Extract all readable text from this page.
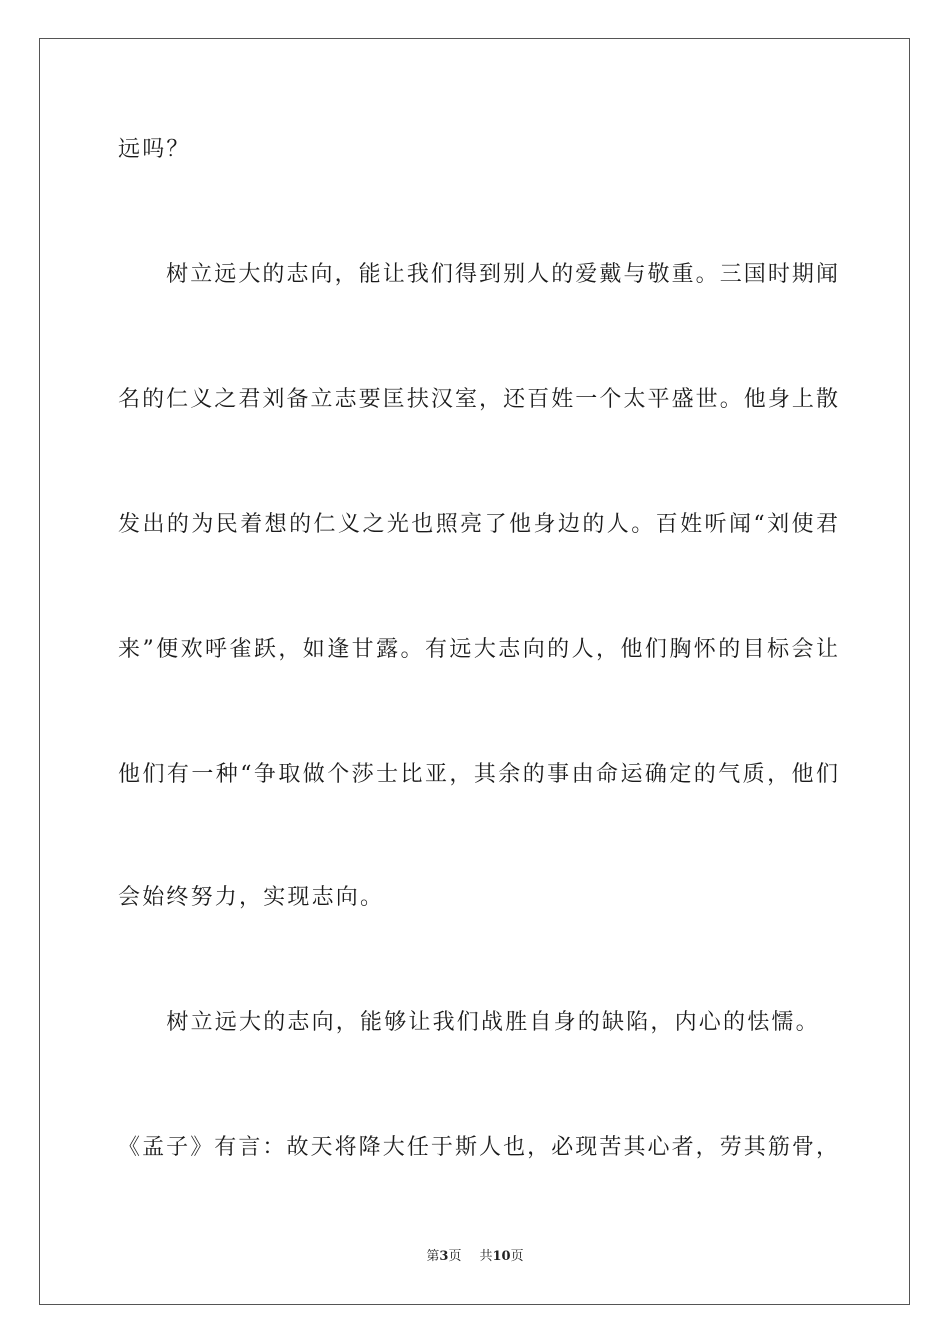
远吗？
　　树立远大的志向，能让我们得到别人的爱戴与敬重。三国时期闻
名的仁义之君刘备立志要匡扶汉室，还百姓一个太平盛世。他身上散
发出的为民着想的仁义之光也照亮了他身边的人。百姓听闻“刘使君
来”便欢呼雀跃，如逢甘露。有远大志向的人，他们胸怀的目标会让
他们有一种“争取做个莎士比亚，其余的事由命运确定的气质，他们
会始终努力，实现志向。
　　树立远大的志向，能够让我们战胜自身的缺陷，内心的怯懦。
《孟子》有言：故天将降大任于斯人也，必现苦其心者，劳其筋骨，
第3页 共10页
